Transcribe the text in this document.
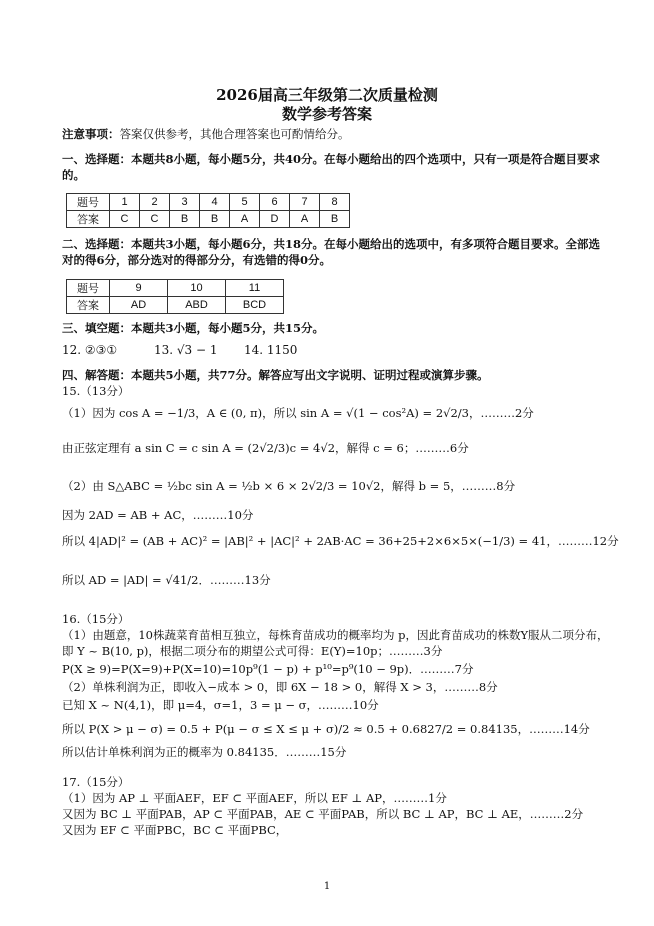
2026届高三年级第二次质量检测
数学参考答案
注意事项：答案仅供参考，其他合理答案也可酌情给分。
一、选择题：本题共8小题，每小题5分，共40分。在每小题给出的四个选项中，只有一项是符合题目要求的。
题号	1	2	3	4	5	6	7	8
答案	C	C	B	B	A	D	A	B
二、选择题：本题共3小题，每小题6分，共18分。在每小题给出的选项中，有多项符合题目要求。全部选对的得6分，部分选对的得部分分，有选错的得0分。
题号	9	10	11
答案	AD	ABD	BCD
三、填空题：本题共3小题，每小题5分，共15分。
12. ②③①	13. √3 − 1 14. 1150
四、解答题：本题共5小题，共77分。解答应写出文字说明、证明过程或演算步骤。
15.（13分）
（1）因为 cos A = −1/3，A ∈ (0, π)，所以 sin A = √(1 − cos²A) = 2√2/3，………2分
由正弦定理有 a sin C = c sin A = (2√2/3)c = 4√2，解得 c = 6；………6分
（2）由 S△ABC = ½bc sin A = ½b × 6 × 2√2/3 = 10√2，解得 b = 5，………8分
因为 2AD = AB + AC，………10分
所以 4|AD|² = (AB + AC)² = |AB|² + |AC|² + 2AB·AC = 36+25+2×6×5×(−1/3) = 41，………12分
所以 AD = |AD| = √41/2．………13分
16.（15分）
（1）由题意，10株蔬菜育苗相互独立，每株育苗成功的概率均为 p，因此育苗成功的株数Y服从二项分布，
即 Y ~ B(10, p)，根据二项分布的期望公式可得：E(Y)=10p；………3分
P(X ≥ 9)=P(X=9)+P(X=10)=10p⁹(1 − p) + p¹⁰=p⁹(10 − 9p)．………7分
（2）单株利润为正，即收入−成本 > 0，即 6X − 18 > 0，解得 X > 3，………8分
已知 X ~ N(4,1)，即 μ=4，σ=1，3 = μ − σ，………10分
所以 P(X > μ − σ) = 0.5 + P(μ − σ ≤ X ≤ μ + σ)/2 ≈ 0.5 + 0.6827/2 = 0.84135，………14分
所以估计单株利润为正的概率为 0.84135．………15分
17.（15分）
（1）因为 AP ⊥ 平面AEF，EF ⊂ 平面AEF，所以 EF ⊥ AP，………1分
又因为 BC ⊥ 平面PAB，AP ⊂ 平面PAB，AE ⊂ 平面PAB，所以 BC ⊥ AP，BC ⊥ AE，………2分
又因为 EF ⊂ 平面PBC，BC ⊂ 平面PBC，
1
